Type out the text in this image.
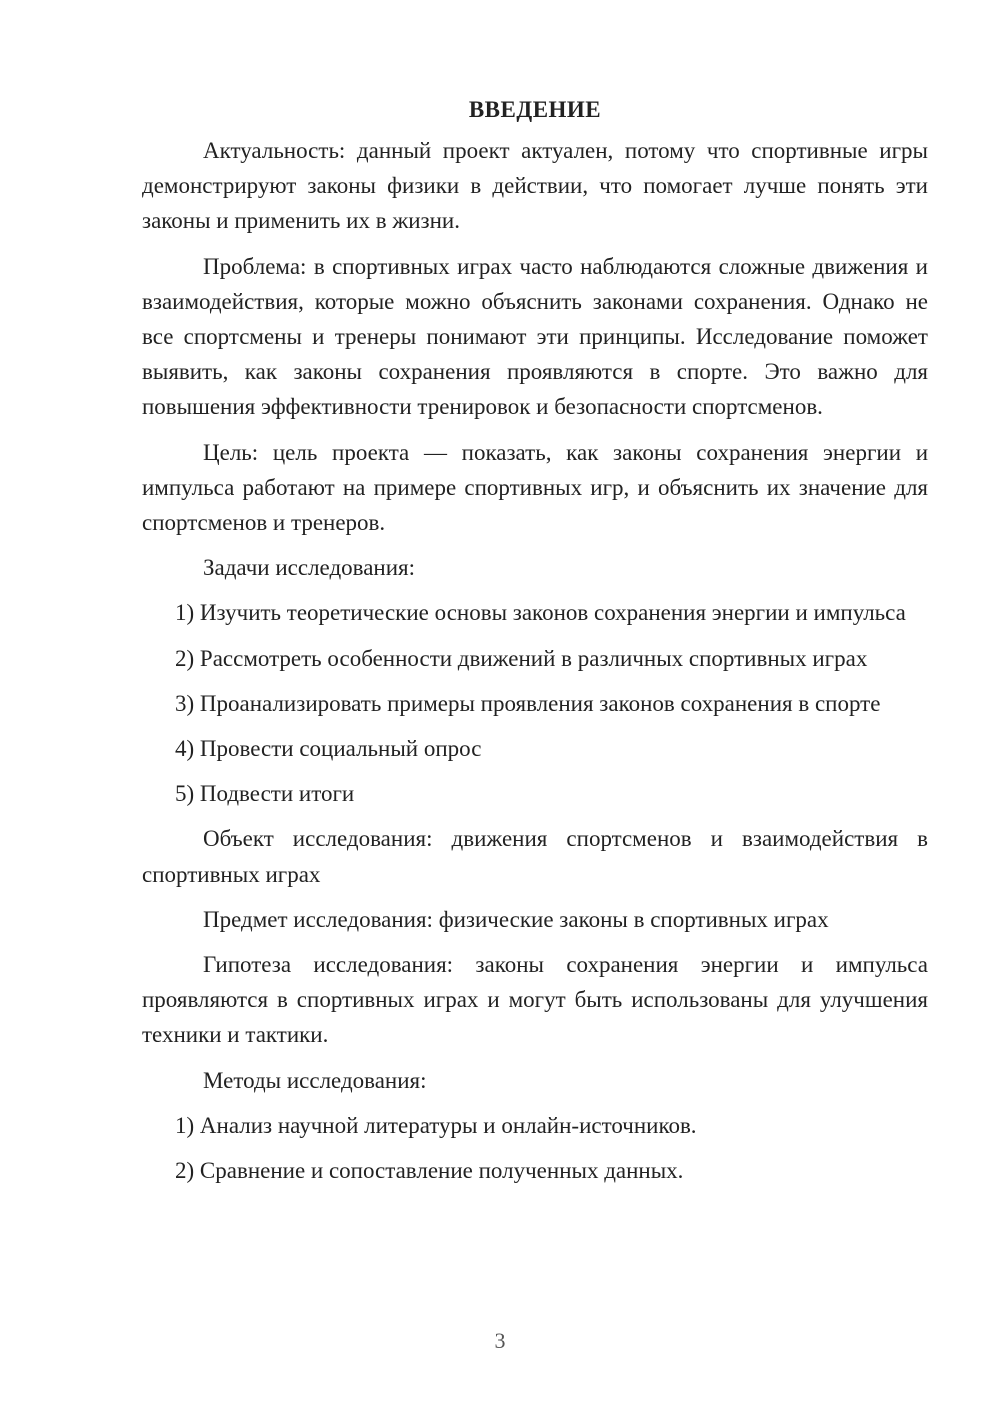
ВВЕДЕНИЕ

Актуальность: данный проект актуален, потому что спортивные игры демонстрируют законы физики в действии, что помогает лучше понять эти законы и применить их в жизни.

Проблема: в спортивных играх часто наблюдаются сложные движения и взаимодействия, которые можно объяснить законами сохранения. Однако не все спортсмены и тренеры понимают эти принципы. Исследование поможет выявить, как законы сохранения проявляются в спорте. Это важно для повышения эффективности тренировок и безопасности спортсменов.

Цель: цель проекта — показать, как законы сохранения энергии и импульса работают на примере спортивных игр, и объяснить их значение для спортсменов и тренеров.

Задачи исследования:

1) Изучить теоретические основы законов сохранения энергии и импульса

2) Рассмотреть особенности движений в различных спортивных играх

3) Проанализировать примеры проявления законов сохранения в спорте

4) Провести социальный опрос

5) Подвести итоги

Объект исследования: движения спортсменов и взаимодействия в спортивных играх

Предмет исследования: физические законы в спортивных играх

Гипотеза исследования: законы сохранения энергии и импульса проявляются в спортивных играх и могут быть использованы для улучшения техники и тактики.

Методы исследования:

1) Анализ научной литературы и онлайн-источников.

2) Сравнение и сопоставление полученных данных.

3
